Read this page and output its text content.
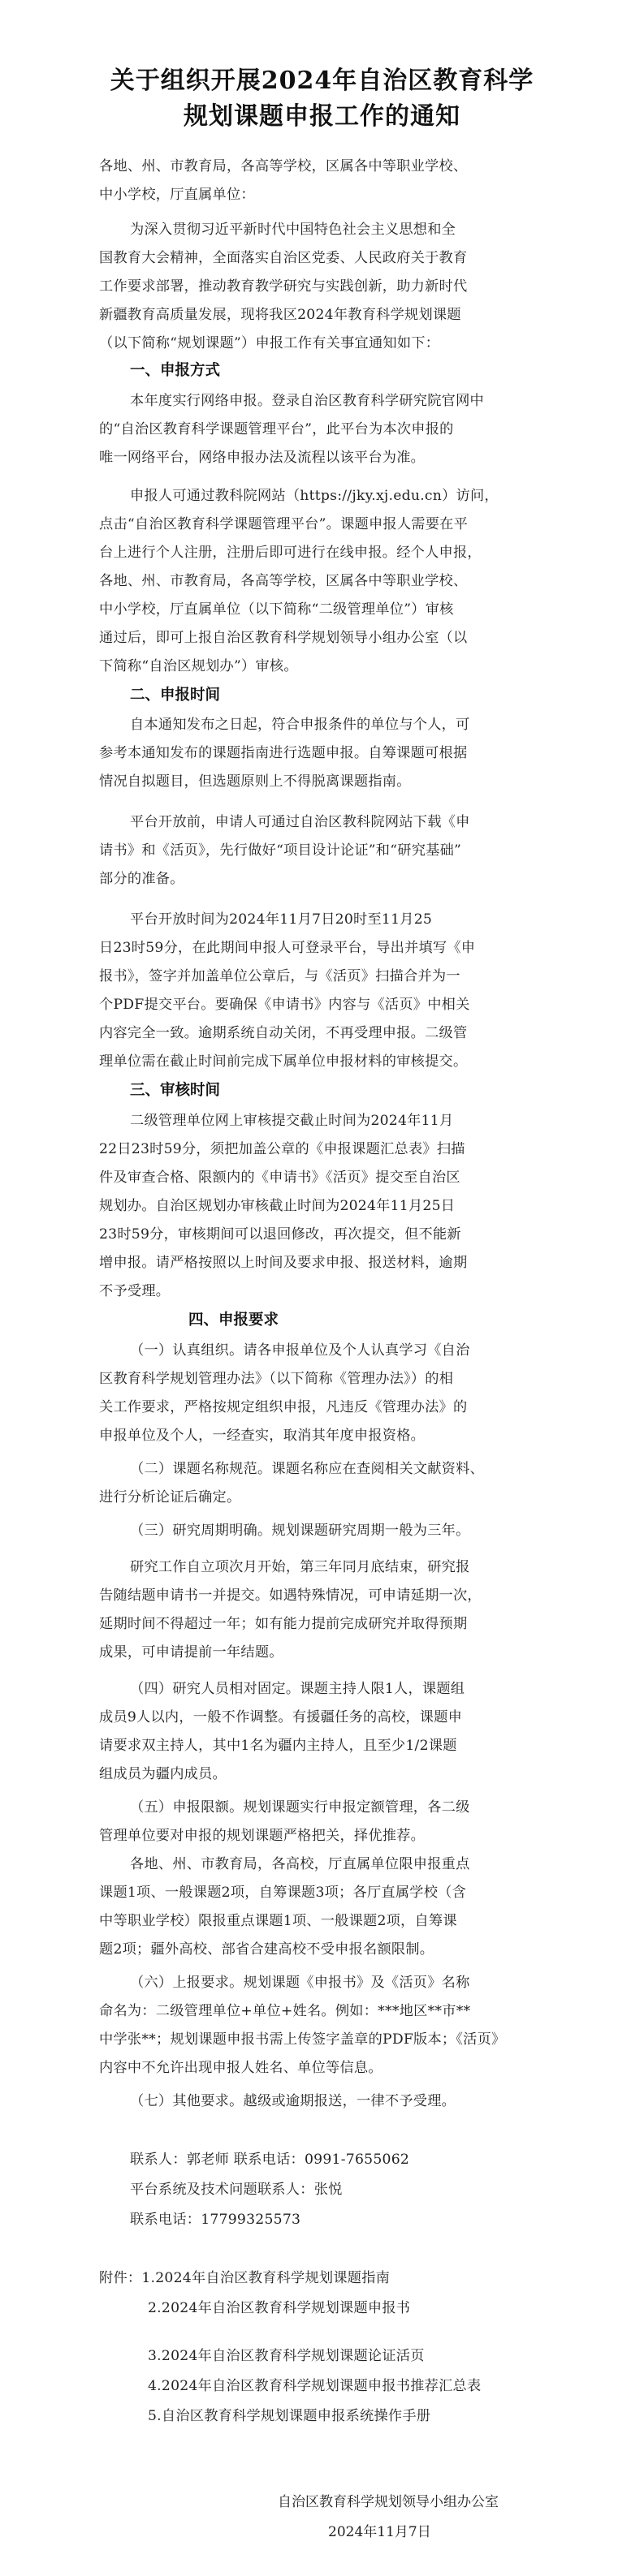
关于组织开展2024年自治区教育科学

规划课题申报工作的通知

各地、州、市教育局，各高等学校，区属各中等职业学校、

中小学校，厅直属单位：

为深入贯彻习近平新时代中国特色社会主义思想和全

国教育大会精神，全面落实自治区党委、人民政府关于教育

工作要求部署，推动教育教学研究与实践创新，助力新时代

新疆教育高质量发展，现将我区2024年教育科学规划课题

（以下简称“规划课题”）申报工作有关事宜通知如下：

一、申报方式

本年度实行网络申报。登录自治区教育科学研究院官网中

的“自治区教育科学课题管理平台”，此平台为本次申报的

唯一网络平台，网络申报办法及流程以该平台为准。

申报人可通过教科院网站（https://jky.xj.edu.cn）访问，

点击“自治区教育科学课题管理平台”。课题申报人需要在平

台上进行个人注册，注册后即可进行在线申报。经个人申报，

各地、州、市教育局，各高等学校，区属各中等职业学校、

中小学校，厅直属单位（以下简称“二级管理单位”）审核

通过后，即可上报自治区教育科学规划领导小组办公室（以

下简称“自治区规划办”）审核。

二、申报时间

自本通知发布之日起，符合申报条件的单位与个人，可

参考本通知发布的课题指南进行选题申报。自筹课题可根据

情况自拟题目，但选题原则上不得脱离课题指南。

平台开放前，申请人可通过自治区教科院网站下载《申

请书》和《活页》，先行做好“项目设计论证”和“研究基础”

部分的准备。

平台开放时间为2024年11月7日20时至11月25

日23时59分，在此期间申报人可登录平台，导出并填写《申

报书》，签字并加盖单位公章后，与《活页》扫描合并为一

个PDF提交平台。要确保《申请书》内容与《活页》中相关

内容完全一致。逾期系统自动关闭，不再受理申报。二级管

理单位需在截止时间前完成下属单位申报材料的审核提交。

三、审核时间

二级管理单位网上审核提交截止时间为2024年11月

22日23时59分，须把加盖公章的《申报课题汇总表》扫描

件及审查合格、限额内的《申请书》《活页》提交至自治区

规划办。自治区规划办审核截止时间为2024年11月25日

23时59分，审核期间可以退回修改，再次提交，但不能新

增申报。请严格按照以上时间及要求申报、报送材料，逾期

不予受理。

四、申报要求

（一）认真组织。请各申报单位及个人认真学习《自治

区教育科学规划管理办法》（以下简称《管理办法》）的相

关工作要求，严格按规定组织申报，凡违反《管理办法》的

申报单位及个人，一经查实，取消其年度申报资格。

（二）课题名称规范。课题名称应在查阅相关文献资料、

进行分析论证后确定。

（三）研究周期明确。规划课题研究周期一般为三年。

研究工作自立项次月开始，第三年同月底结束，研究报

告随结题申请书一并提交。如遇特殊情况，可申请延期一次，

延期时间不得超过一年；如有能力提前完成研究并取得预期

成果，可申请提前一年结题。

（四）研究人员相对固定。课题主持人限1人，课题组

成员9人以内，一般不作调整。有援疆任务的高校，课题申

请要求双主持人，其中1名为疆内主持人，且至少1/2课题

组成员为疆内成员。

（五）申报限额。规划课题实行申报定额管理，各二级

管理单位要对申报的规划课题严格把关，择优推荐。

各地、州、市教育局，各高校，厅直属单位限申报重点

课题1项、一般课题2项，自筹课题3项；各厅直属学校（含

中等职业学校）限报重点课题1项、一般课题2项，自筹课

题2项；疆外高校、部省合建高校不受申报名额限制。

（六）上报要求。规划课题《申报书》及《活页》名称

命名为：二级管理单位+单位+姓名。例如：***地区**市**

中学张**；规划课题申报书需上传签字盖章的PDF版本；《活页》

内容中不允许出现申报人姓名、单位等信息。

（七）其他要求。越级或逾期报送，一律不予受理。

联系人：郭老师 联系电话：0991-7655062

平台系统及技术问题联系人：张悦

联系电话：17799325573

附件：1.2024年自治区教育科学规划课题指南

2.2024年自治区教育科学规划课题申报书

3.2024年自治区教育科学规划课题论证活页

4.2024年自治区教育科学规划课题申报书推荐汇总表

5.自治区教育科学规划课题申报系统操作手册

自治区教育科学规划领导小组办公室

2024年11月7日
